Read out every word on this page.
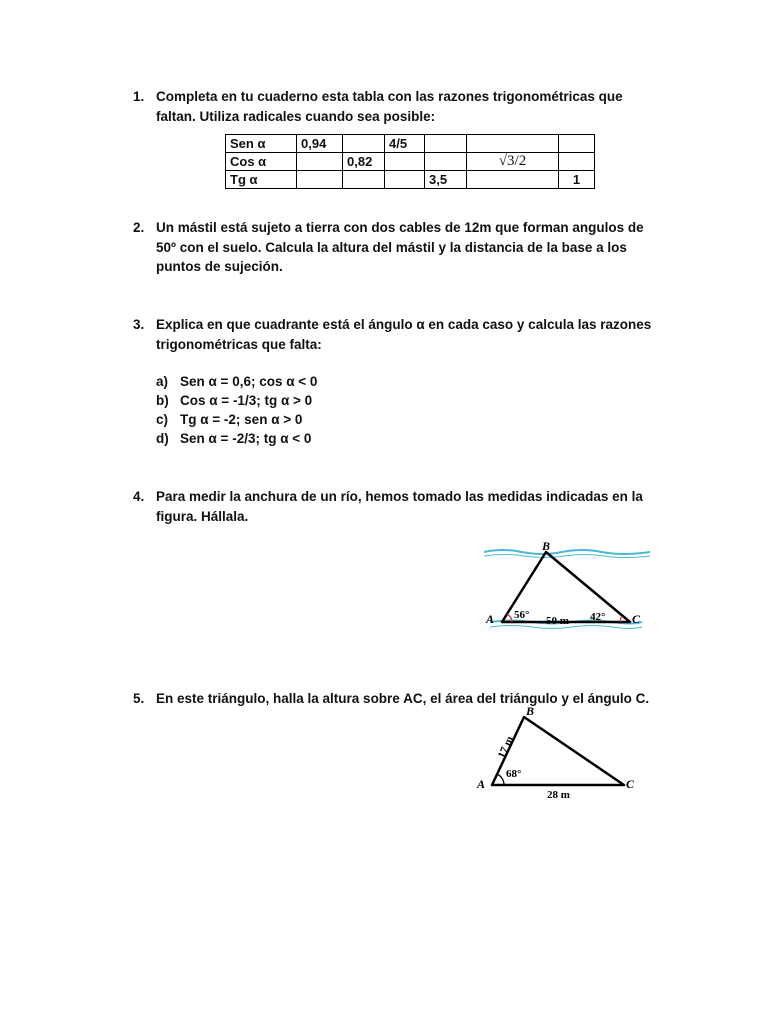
1. Completa en tu cuaderno esta tabla con las razones trigonométricas que
faltan. Utiliza radicales cuando sea posible:
Sen α	0,94		4/5			
Cos α		0,82			√3/2	
Tg α				3,5		1
2. Un mástil está sujeto a tierra con dos cables de 12m que forman angulos de
50º con el suelo. Calcula la altura del mástil y la distancia de la base a los
puntos de sujeción.
3. Explica en que cuadrante está el ángulo α en cada caso y calcula las razones
trigonométricas que falta:
a) Sen α = 0,6; cos α < 0
b) Cos α = -1/3; tg α > 0
c) Tg α = -2; sen α > 0
d) Sen α = -2/3; tg α < 0
4. Para medir la anchura de un río, hemos tomado las medidas indicadas en la
figura. Hállala.
B
A	C
56°	42°
50 m
5. En este triángulo, halla la altura sobre AC, el área del triángulo y el ángulo C.
B
A	C
68°
28 m
17 m
